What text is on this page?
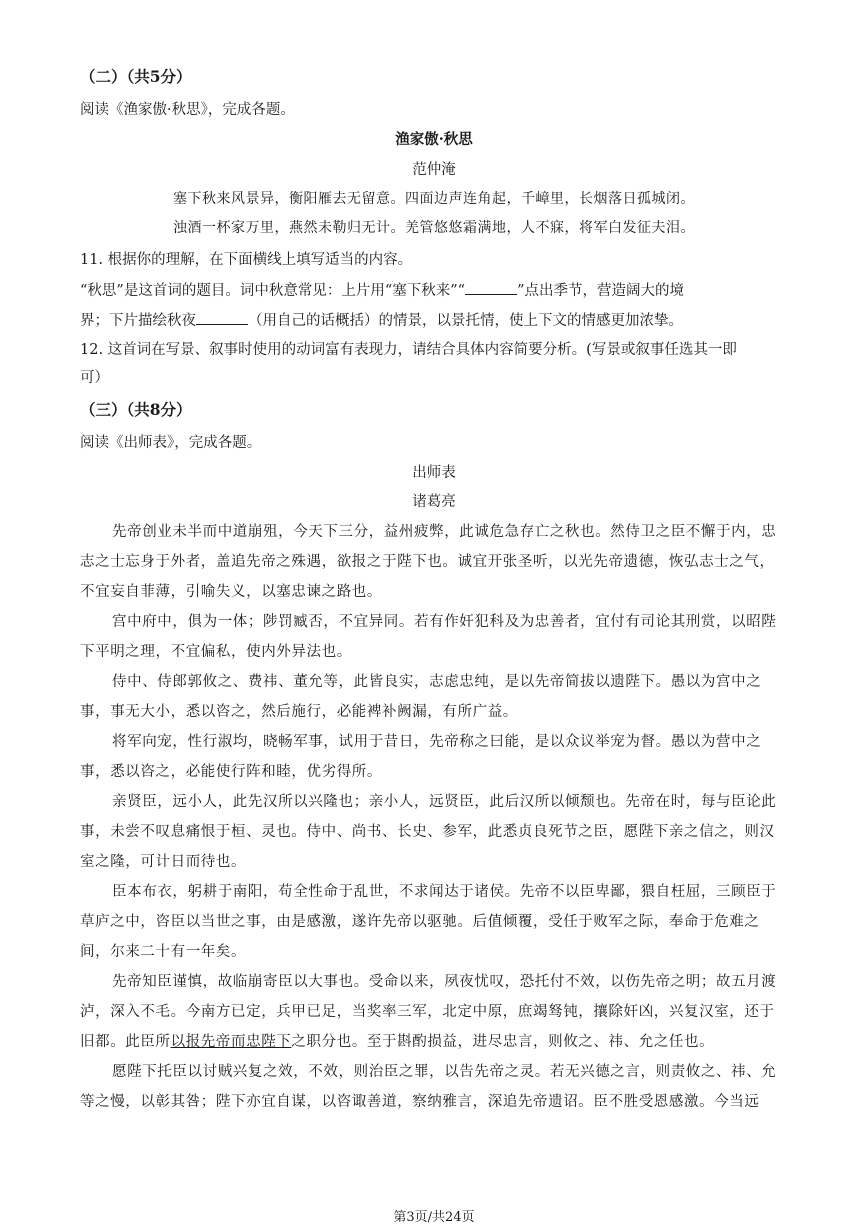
（二）（共5分）
阅读《渔家傲·秋思》，完成各题。
渔家傲·秋思
范仲淹
塞下秋来风景异，衡阳雁去无留意。四面边声连角起，千嶂里，长烟落日孤城闭。
浊酒一杯家万里，燕然未勒归无计。羌管悠悠霜满地，人不寐，将军白发征夫泪。
11. 根据你的理解，在下面横线上填写适当的内容。
“秋思”是这首词的题目。词中秋意常见：上片用“塞下秋来”“	”点出季节，营造阔大的境
界；下片描绘秋夜	（用自己的话概括）的情景，以景托情，使上下文的情感更加浓挚。
12. 这首词在写景、叙事时使用的动词富有表现力，请结合具体内容简要分析。(写景或叙事任选其一即
可）
（三）（共8分）
阅读《出师表》，完成各题。
出师表
诸葛亮
先帝创业未半而中道崩殂，今天下三分，益州疲弊，此诚危急存亡之秋也。然侍卫之臣不懈于内，忠
志之士忘身于外者，盖追先帝之殊遇，欲报之于陛下也。诚宜开张圣听，以光先帝遗德，恢弘志士之气，
不宜妄自菲薄，引喻失义，以塞忠谏之路也。
宫中府中，俱为一体；陟罚臧否，不宜异同。若有作奸犯科及为忠善者，宜付有司论其刑赏，以昭陛
下平明之理，不宜偏私，使内外异法也。
侍中、侍郎郭攸之、费祎、董允等，此皆良实，志虑忠纯，是以先帝简拔以遗陛下。愚以为宫中之
事，事无大小，悉以咨之，然后施行，必能裨补阙漏，有所广益。
将军向宠，性行淑均，晓畅军事，试用于昔日，先帝称之曰能，是以众议举宠为督。愚以为营中之
事，悉以咨之，必能使行阵和睦，优劣得所。
亲贤臣，远小人，此先汉所以兴隆也；亲小人，远贤臣，此后汉所以倾颓也。先帝在时，每与臣论此
事，未尝不叹息痛恨于桓、灵也。侍中、尚书、长史、参军，此悉贞良死节之臣，愿陛下亲之信之，则汉
室之隆，可计日而待也。
臣本布衣，躬耕于南阳，苟全性命于乱世，不求闻达于诸侯。先帝不以臣卑鄙，猥自枉屈，三顾臣于
草庐之中，咨臣以当世之事，由是感激，遂许先帝以驱驰。后值倾覆，受任于败军之际，奉命于危难之
间，尔来二十有一年矣。
先帝知臣谨慎，故临崩寄臣以大事也。受命以来，夙夜忧叹，恐托付不效，以伤先帝之明；故五月渡
泸，深入不毛。今南方已定，兵甲已足，当奖率三军，北定中原，庶竭驽钝，攘除奸凶，兴复汉室，还于
旧都。此臣所以报先帝而忠陛下之职分也。至于斟酌损益，进尽忠言，则攸之、祎、允之任也。
愿陛下托臣以讨贼兴复之效，不效，则治臣之罪，以告先帝之灵。若无兴德之言，则责攸之、祎、允
等之慢，以彰其咎；陛下亦宜自谋，以咨诹善道，察纳雅言，深追先帝遗诏。臣不胜受恩感激。今当远
第3页/共24页
